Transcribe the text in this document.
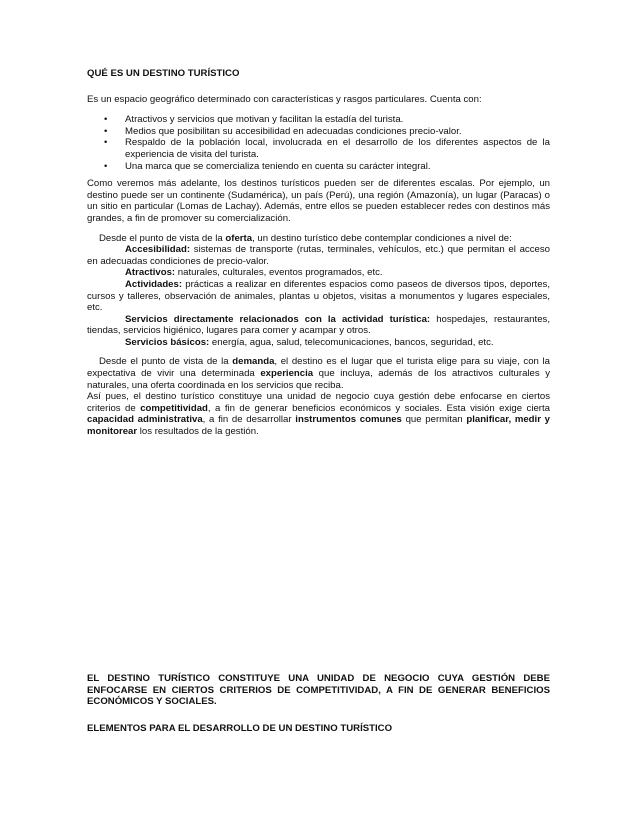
QUÉ ES UN DESTINO TURÍSTICO

Es un espacio geográfico determinado con características y rasgos particulares. Cuenta con:

• Atractivos y servicios que motivan y facilitan la estadía del turista.
• Medios que posibilitan su accesibilidad en adecuadas condiciones precio-valor.
• Respaldo de la población local, involucrada en el desarrollo de los diferentes aspectos de la experiencia de visita del turista.
• Una marca que se comercializa teniendo en cuenta su carácter integral.

Como veremos más adelante, los destinos turísticos pueden ser de diferentes escalas. Por ejemplo, un destino puede ser un continente (Sudamérica), un país (Perú), una región (Amazonía), un lugar (Paracas) o un sitio en particular (Lomas de Lachay). Además, entre ellos se pueden establecer redes con destinos más grandes, a fin de promover su comercialización.

Desde el punto de vista de la oferta, un destino turístico debe contemplar condiciones a nivel de:

Accesibilidad: sistemas de transporte (rutas, terminales, vehículos, etc.) que permitan el acceso en adecuadas condiciones de precio-valor.

Atractivos: naturales, culturales, eventos programados, etc.

Actividades: prácticas a realizar en diferentes espacios como paseos de diversos tipos, deportes, cursos y talleres, observación de animales, plantas u objetos, visitas a monumentos y lugares especiales, etc.

Servicios directamente relacionados con la actividad turística: hospedajes, restaurantes, tiendas, servicios higiénico, lugares para comer y acampar y otros.

Servicios básicos: energía, agua, salud, telecomunicaciones, bancos, seguridad, etc.

Desde el punto de vista de la demanda, el destino es el lugar que el turista elige para su viaje, con la expectativa de vivir una determinada experiencia que incluya, además de los atractivos culturales y naturales, una oferta coordinada en los servicios que reciba.

Así pues, el destino turístico constituye una unidad de negocio cuya gestión debe enfocarse en ciertos criterios de competitividad, a fin de generar beneficios económicos y sociales. Esta visión exige cierta capacidad administrativa, a fin de desarrollar instrumentos comunes que permitan planificar, medir y monitorear los resultados de la gestión.

EL DESTINO TURÍSTICO CONSTITUYE UNA UNIDAD DE NEGOCIO CUYA GESTIÓN DEBE ENFOCARSE EN CIERTOS CRITERIOS DE COMPETITIVIDAD, A FIN DE GENERAR BENEFICIOS ECONÓMICOS Y SOCIALES.

ELEMENTOS PARA EL DESARROLLO DE UN DESTINO TURÍSTICO
